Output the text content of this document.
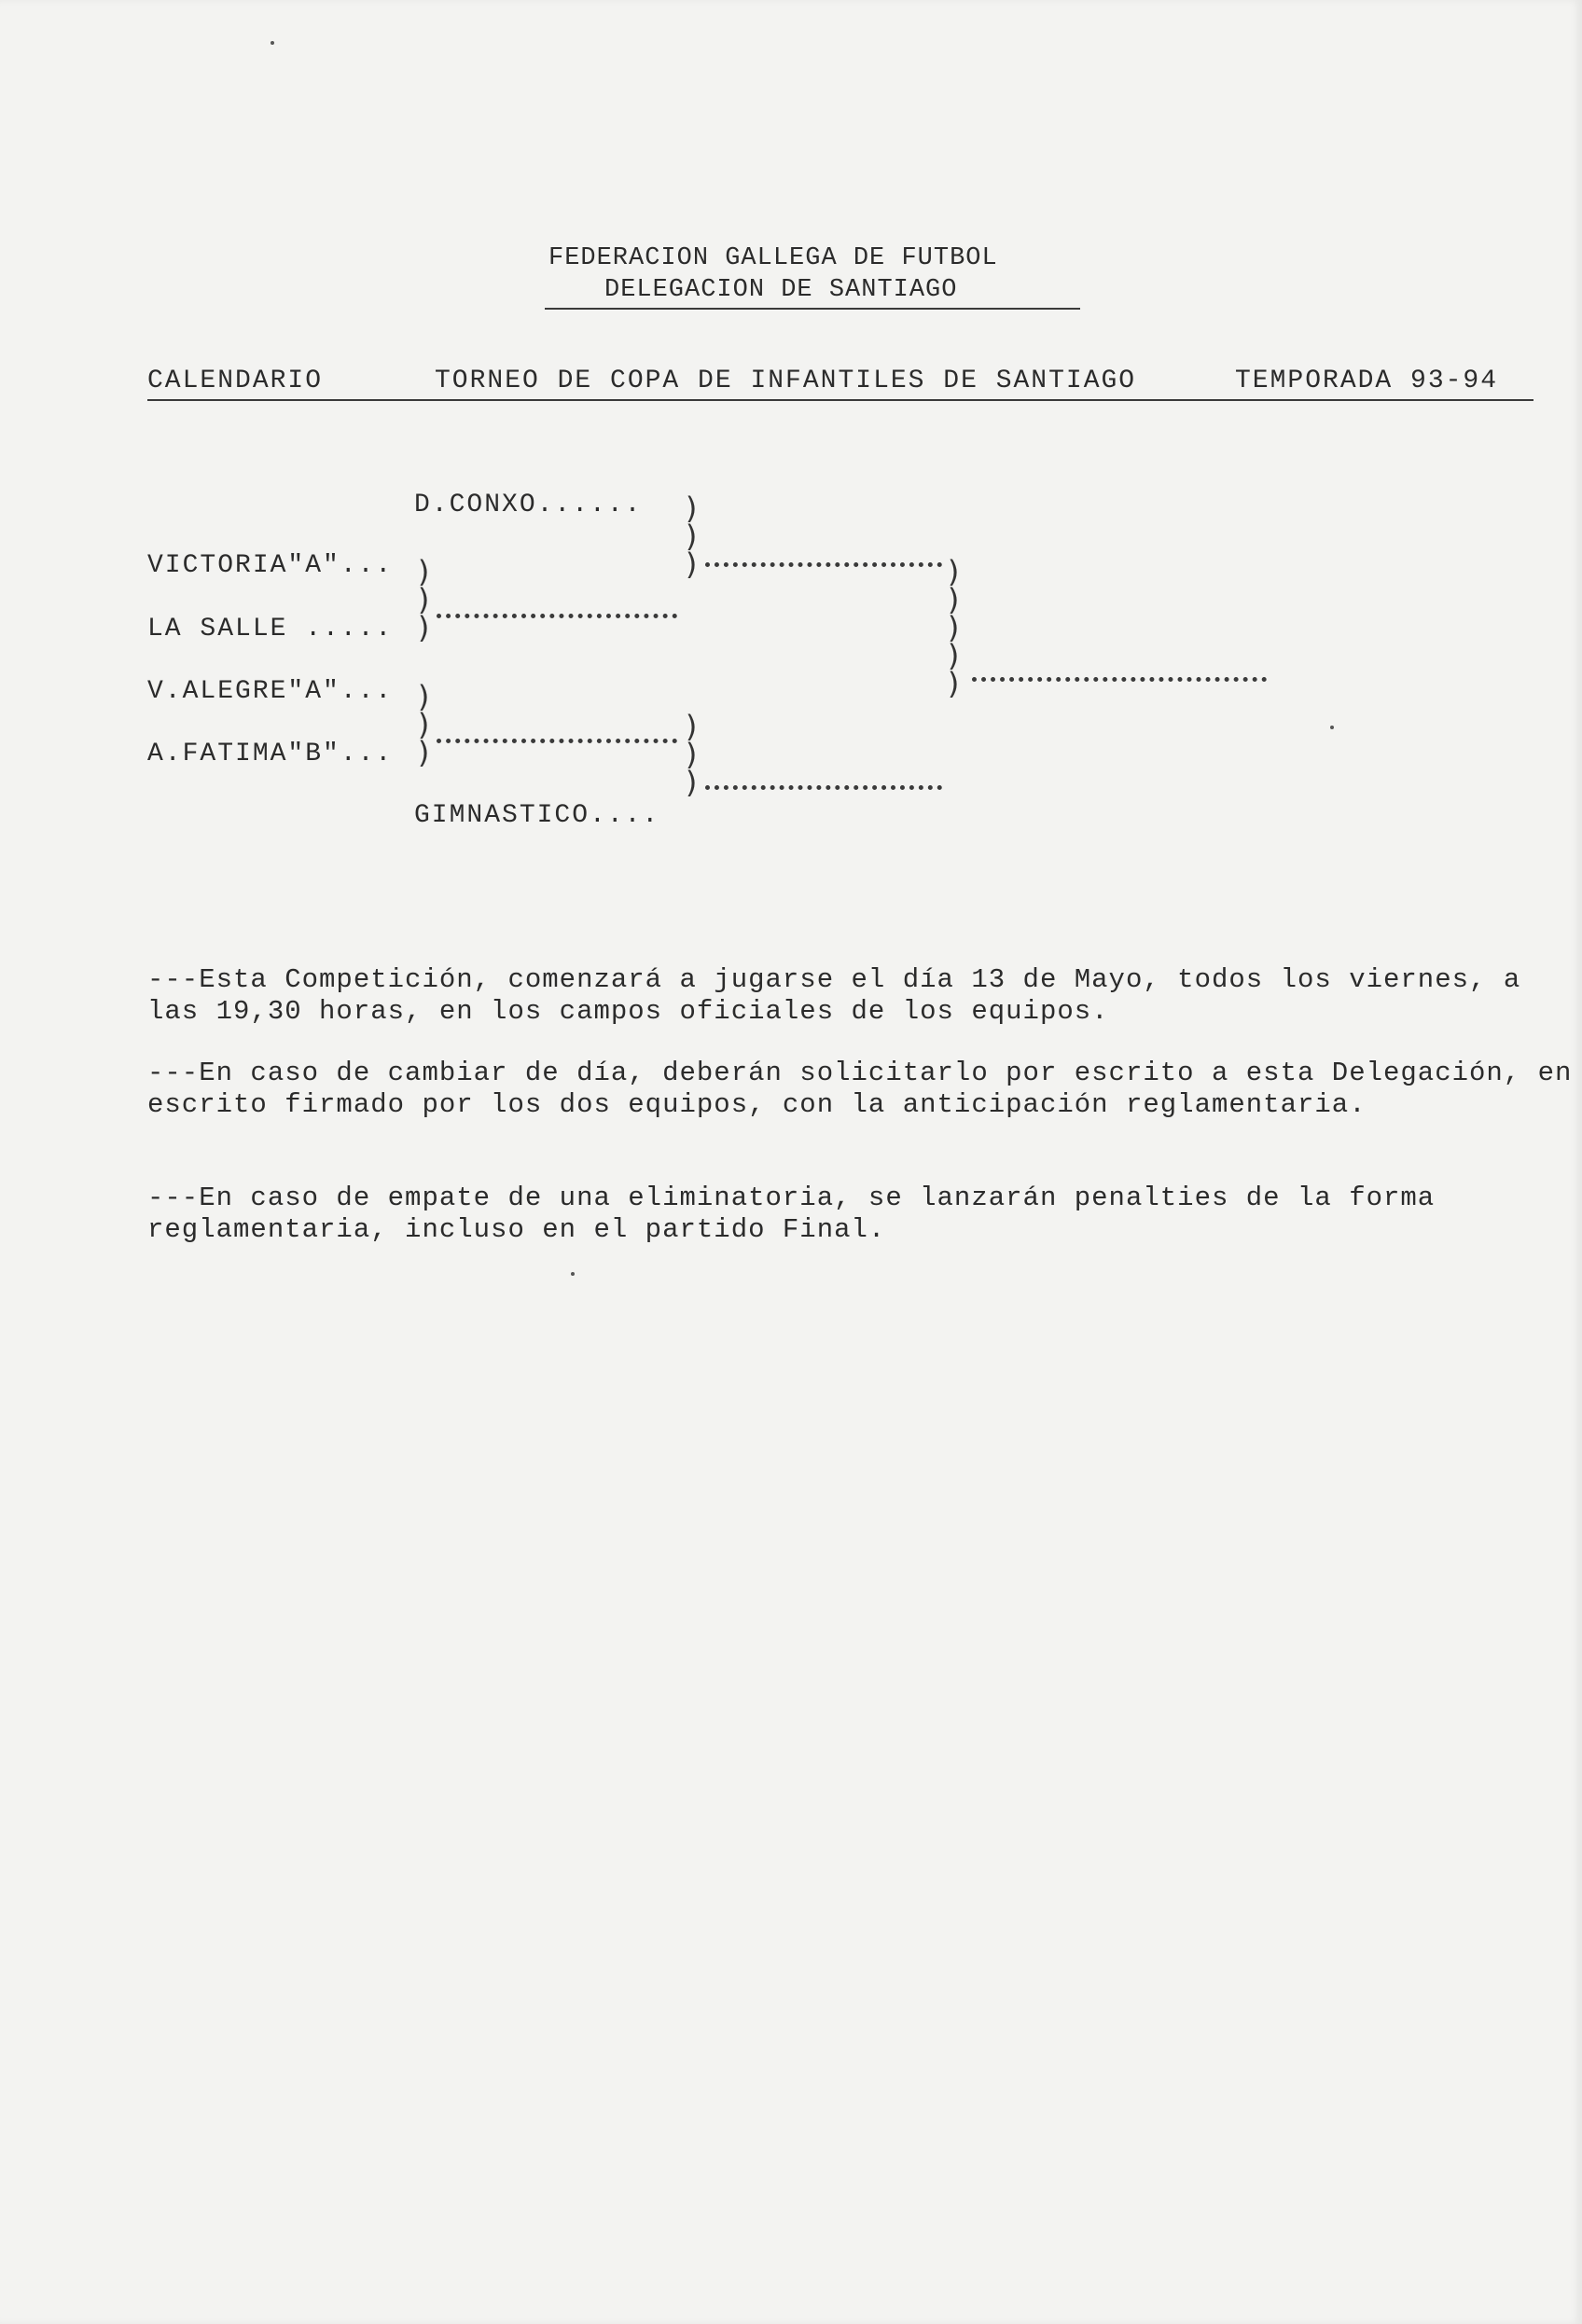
FEDERACION GALLEGA DE FUTBOL
DELEGACION DE SANTIAGO
CALENDARIO	TORNEO DE COPA DE INFANTILES DE SANTIAGO	TEMPORADA 93-94
D.CONXO......
VICTORIA"A"...
LA SALLE .....
V.ALEGRE"A"...
A.FATIMA"B"...
GIMNASTICO....
)
)
)
)
)
)
)
)
)
)
)
)
)
)
)
)
)
---Esta Competición, comenzará a jugarse el día 13 de Mayo, todos los viernes, a las 19,30 horas, en los campos oficiales de los equipos.
---En caso de cambiar de día, deberán solicitarlo por escrito a esta Delegación, en escrito firmado por los dos equipos, con la anticipación reglamentaria.
---En caso de empate de una eliminatoria, se lanzarán penalties de la forma reglamentaria, incluso en el partido Final.
